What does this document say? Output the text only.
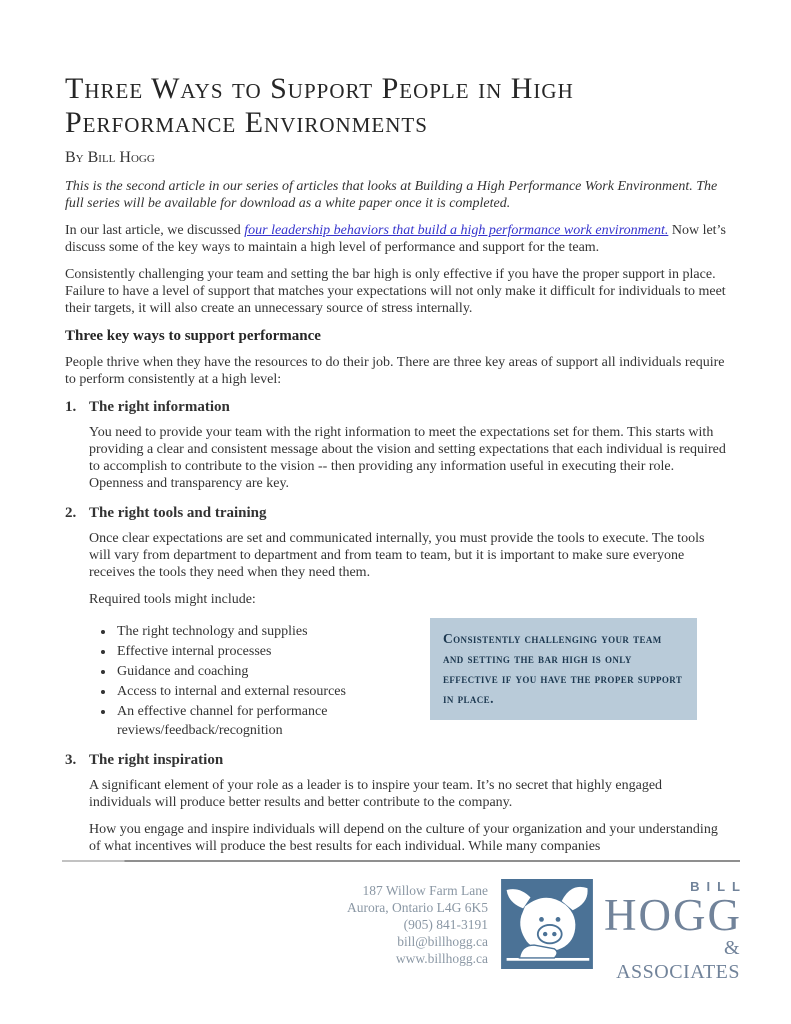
Three Ways to Support People in High Performance Environments
By Bill Hogg

This is the second article in our series of articles that looks at Building a High Performance Work Environment. The full series will be available for download as a white paper once it is completed.

In our last article, we discussed four leadership behaviors that build a high performance work environment. Now let’s discuss some of the key ways to maintain a high level of performance and support for the team.

Consistently challenging your team and setting the bar high is only effective if you have the proper support in place. Failure to have a level of support that matches your expectations will not only make it difficult for individuals to meet their targets, it will also create an unnecessary source of stress internally.

Three key ways to support performance

People thrive when they have the resources to do their job. There are three key areas of support all individuals require to perform consistently at a high level:

1. The right information

You need to provide your team with the right information to meet the expectations set for them. This starts with providing a clear and consistent message about the vision and setting expectations that each individual is required to accomplish to contribute to the vision -- then providing any information useful in executing their role. Openness and transparency are key.

2. The right tools and training

Once clear expectations are set and communicated internally, you must provide the tools to execute. The tools will vary from department to department and from team to team, but it is important to make sure everyone receives the tools they need when they need them.

Required tools might include:

• The right technology and supplies
• Effective internal processes
• Guidance and coaching
• Access to internal and external resources
• An effective channel for performance reviews/feedback/recognition
Consistently challenging your team and setting the bar high is only effective if you have the proper support in place.
3. The right inspiration

A significant element of your role as a leader is to inspire your team. It’s no secret that highly engaged individuals will produce better results and better contribute to the company.

How you engage and inspire individuals will depend on the culture of your organization and your understanding of what incentives will produce the best results for each individual. While many companies

187 Willow Farm Lane
Aurora, Ontario L4G 6K5
(905) 841-3191
bill@billhogg.ca
www.billhogg.ca
BILL
HOGG
& ASSOCIATES
